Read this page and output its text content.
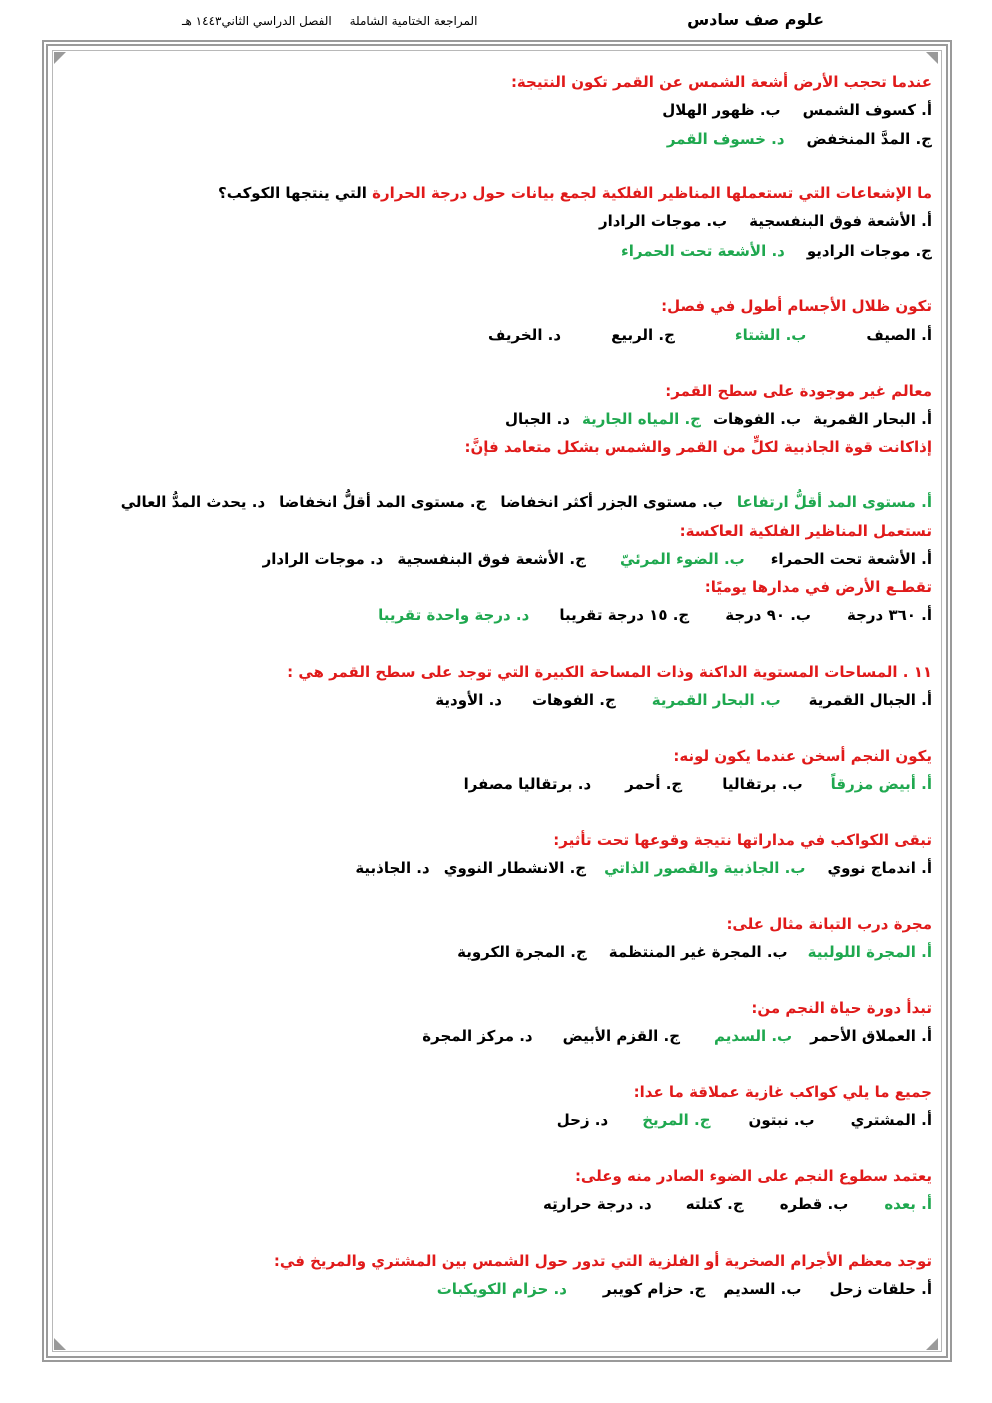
المراجعة الختامية الشاملة الفصل الدراسي الثاني١٤٤٣ هـ	علوم صف سادس
عندما تحجب الأرض أشعة الشمس عن القمر تكون النتيجة:
أ. كسوف الشمسب. ظهور الهلال
ج. المدَّ المنخفضد. خسوف القمر
ما الإشعاعات التي تستعملها المناظير الفلكية لجمع بيانات حول درجة الحرارة التي ينتجها الكوكب؟
أ. الأشعة فوق البنفسجيةب. موجات الرادار
ج. موجات الراديود. الأشعة تحت الحمراء
تكون ظلال الأجسام أطول في فصل:
أ. الصيفب. الشتاءج. الربيعد. الخريف
معالم غير موجودة على سطح القمر:
أ. البحار القمريةب. الفوهاتج. المياه الجاريةد. الجبال
إذاكانت قوة الجاذبية لكلٍّ من القمر والشمس بشكل متعامد فإنَّ:
أ. مستوى المد أقلُّ ارتفاعاب. مستوى الجزر أكثر انخفاضاج. مستوى المد أقلُّ انخفاضاد. يحدث المدُّ العالي
تستعمل المناظير الفلكية العاكسة:
أ. الأشعة تحت الحمراءب. الضوء المرئيّج. الأشعة فوق البنفسجيةد. موجات الرادار
تقطـع الأرض في مدارها يوميًا:
أ. ٣٦٠ درجةب. ٩٠ درجةج. ١٥ درجة تقريباد. درجة واحدة تقريبا
١١ . المساحات المستوية الداكنة وذات المساحة الكبيرة التي توجد على سطح القمر هي :
أ. الجبال القمريةب. البحار القمريةج. الفوهاتد. الأودية
يكون النجم أسخن عندما يكون لونه:
أ. أبيض مزرقاًب. برتقالياج. أحمرد. برتقاليا مصفرا
تبقى الكواكب في مداراتها نتيجة وقوعها تحت تأثير:
أ. اندماج نوويب. الجاذبية والقصور الذاتيج. الانشطار النوويد. الجاذبية
مجرة درب التبانة مثال على:
أ. المجرة اللولبيةب. المجرة غير المنتظمةج. المجرة الكروية
تبدأ دورة حياة النجم من:
أ. العملاق الأحمرب. السديمج. القزم الأبيضد. مركز المجرة
جميع ما يلي كواكب غازية عملاقة ما عدا:
أ. المشتريب. نبتونج. المريخد. زحل
يعتمد سطوع النجم على الضوء الصادر منه وعلى:
أ. بعدهب. قطرهج. كتلتهد. درجة حرارتِه
توجد معظم الأجرام الصخرية أو الفلزية التي تدور حول الشمس بين المشتري والمريخ في:
أ. حلقات زحلب. السديمج. حزام كويبرد. حزام الكويكبات
